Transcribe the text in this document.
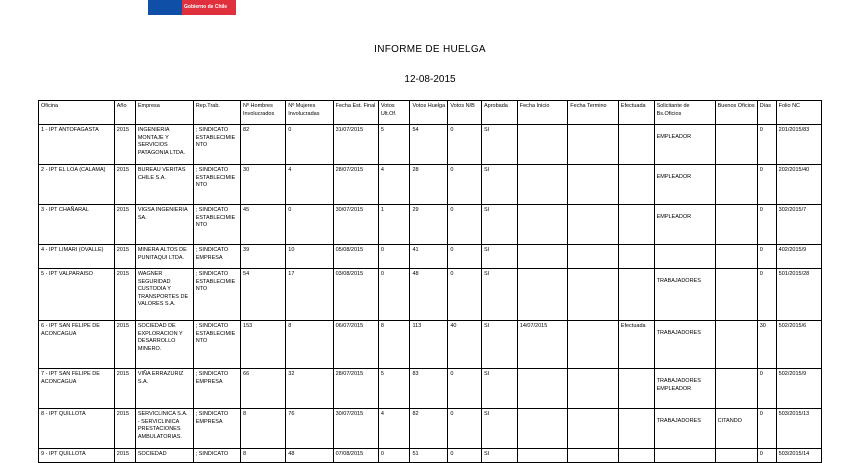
Gobierno de Chile
INFORME DE HUELGA
12-08-2015
Oficina	Año	Empresa	Rep.Trab.	Nº Hombres Involucrados	Nº Mujeres Involucradas	Fecha Est. Final	Votos Ult.Of.	Votos Huelga	Votos N/B	Aprobada	Fecha Inicio	Fecha Termino	Efectuada	Solicitante de Bs.Oficios	Buenos Oficios	Días	Folio NC
1 - IPT ANTOFAGASTA	2015	INGENIERIA MONTAJE Y SERVICIOS PATAGONIA LTDA.	; SINDICATO ESTABLECIMIENTO	82	0	31/07/2015	5	54	0	SI				EMPLEADOR		0	201/2015/83
2 - IPT EL LOA (CALAMA)	2015	BUREAU VERITAS CHILE S.A.	; SINDICATO ESTABLECIMIENTO	30	4	28/07/2015	4	28	0	SI				EMPLEADOR		0	202/2015/40
3 - IPT CHAÑARAL	2015	VIGSA INGENIERIA SA.	; SINDICATO ESTABLECIMIENTO	45	0	30/07/2015	1	29	0	SI				EMPLEADOR		0	302/2015/7
4 - IPT LIMARI (OVALLE)	2015	MINERA ALTOS DE PUNITAQUI LTDA.	; SINDICATO EMPRESA	39	10	05/08/2015	0	41	0	SI						0	402/2015/9
5 - IPT VALPARAISO	2015	WAGNER SEGURIDAD CUSTODIA Y TRANSPORTES DE VALORES S.A.	; SINDICATO ESTABLECIMIENTO	54	17	03/08/2015	0	48	0	SI				TRABAJADORES		0	501/2015/28
6 - IPT SAN FELIPE DE ACONCAGUA	2015	SOCIEDAD DE EXPLORACION Y DESARROLLO MINERO.	; SINDICATO ESTABLECIMIENTO	153	8	06/07/2015	8	113	40	SI	14/07/2015		Efectuada	TRABAJADORES		30	502/2015/6
7 - IPT SAN FELIPE DE ACONCAGUA	2015	VIÑA ERRAZURIZ S.A.	; SINDICATO EMPRESA	66	32	28/07/2015	5	83	0	SI				TRABAJADORES EMPLEADOR		0	502/2015/9
8 - IPT QUILLOTA	2015	SERVICLINICA S.A. - SERVICLINICA PRESTACIONES AMBULATORIAS.	; SINDICATO EMPRESA	8	76	30/07/2015	4	82	0	SI				TRABAJADORES	CITANDO	0	503/2015/13
9 - IPT QUILLOTA	2015	SOCIEDAD	; SINDICATO	8	48	07/08/2015	0	51	0	SI						0	503/2015/14
